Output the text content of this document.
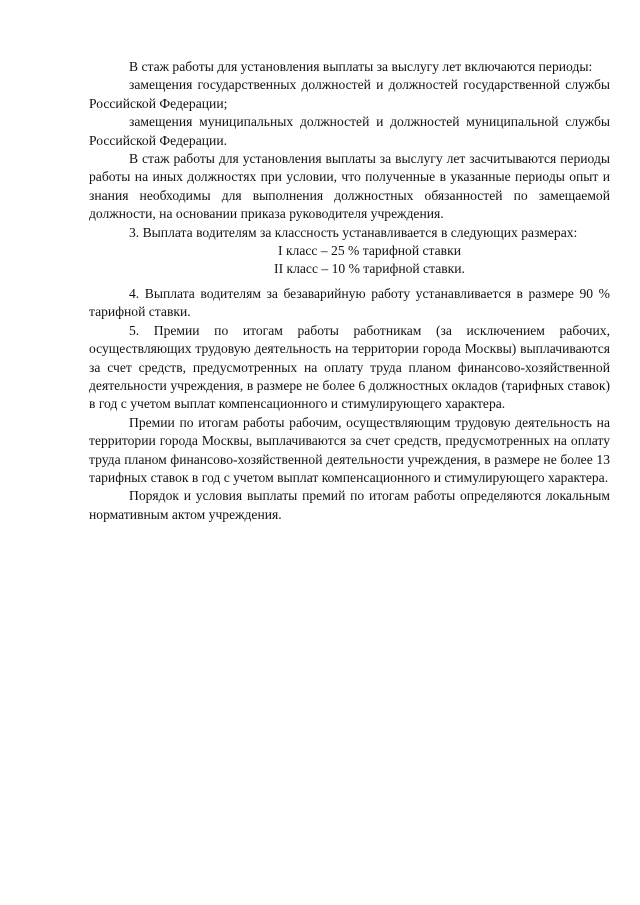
В стаж работы для установления выплаты за выслугу лет включаются периоды:

замещения государственных должностей и должностей государственной службы Российской Федерации;

замещения муниципальных должностей и должностей муниципальной службы Российской Федерации.

В стаж работы для установления выплаты за выслугу лет засчитываются периоды работы на иных должностях при условии, что полученные в указанные периоды опыт и знания необходимы для выполнения должностных обязанностей по замещаемой должности, на основании приказа руководителя учреждения.

3. Выплата водителям за классность устанавливается в следующих размерах:

I класс – 25 % тарифной ставки
II класс – 10 % тарифной ставки.

4. Выплата водителям за безаварийную работу устанавливается в размере 90 % тарифной ставки.

5. Премии по итогам работы работникам (за исключением рабочих, осуществляющих трудовую деятельность на территории города Москвы) выплачиваются за счет средств, предусмотренных на оплату труда планом финансово-хозяйственной деятельности учреждения, в размере не более 6 должностных окладов (тарифных ставок) в год с учетом выплат компенсационного и стимулирующего характера.

Премии по итогам работы рабочим, осуществляющим трудовую деятельность на территории города Москвы, выплачиваются за счет средств, предусмотренных на оплату труда планом финансово-хозяйственной деятельности учреждения, в размере не более 13 тарифных ставок в год с учетом выплат компенсационного и стимулирующего характера.

Порядок и условия выплаты премий по итогам работы определяются локальным нормативным актом учреждения.
